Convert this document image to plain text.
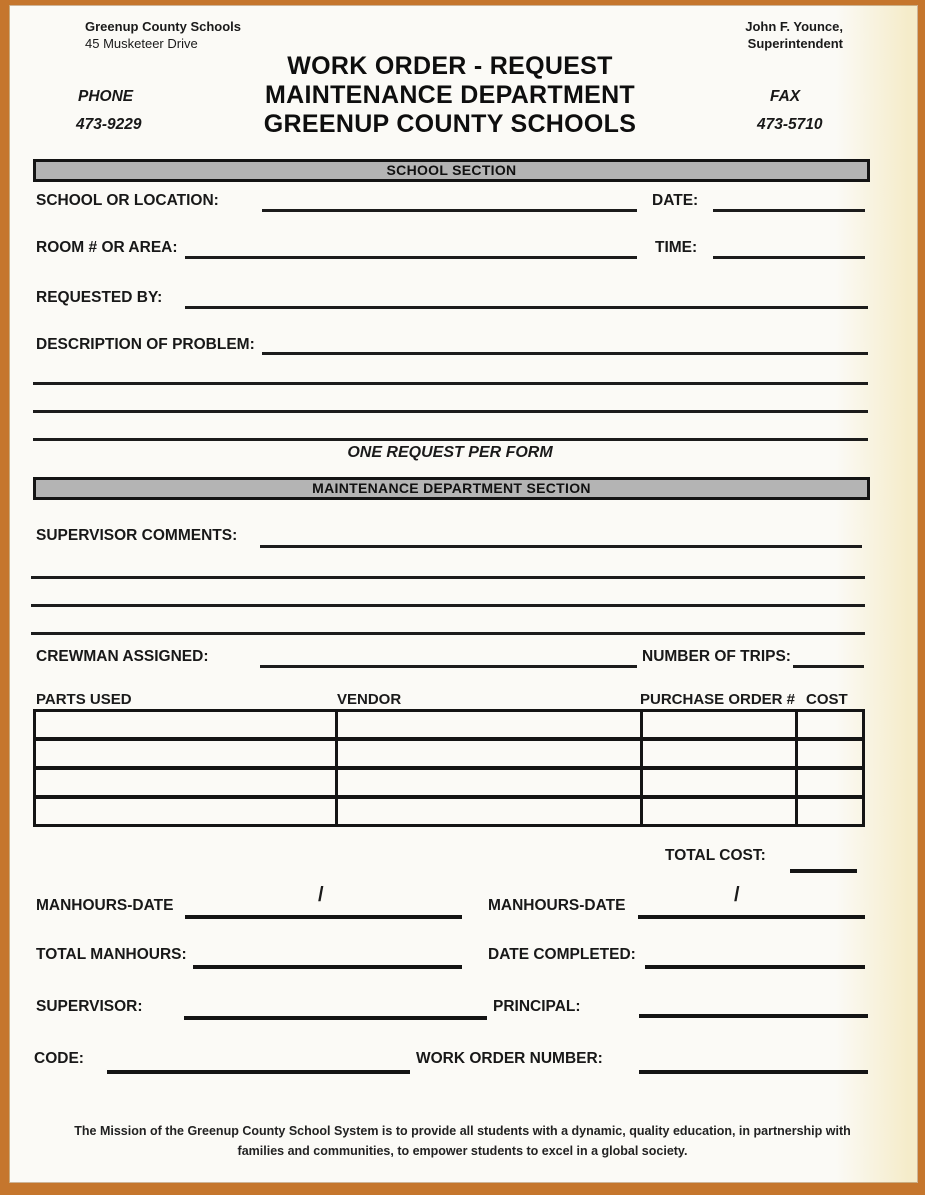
Greenup County Schools
45 Musketeer Drive
John F. Younce,
Superintendent
WORK ORDER - REQUEST
MAINTENANCE DEPARTMENT
GREENUP COUNTY SCHOOLS
PHONE
473-9229
FAX
473-5710
SCHOOL SECTION
SCHOOL OR LOCATION:	DATE:
ROOM # OR AREA:	TIME:
REQUESTED BY:
DESCRIPTION OF PROBLEM:
ONE REQUEST PER FORM
MAINTENANCE DEPARTMENT SECTION
SUPERVISOR COMMENTS:
CREWMAN ASSIGNED:	NUMBER OF TRIPS:
PARTS USED	VENDOR	PURCHASE ORDER # COST
TOTAL COST:
MANHOURS-DATE	/	MANHOURS-DATE	/
TOTAL MANHOURS:	DATE COMPLETED:
SUPERVISOR:	PRINCIPAL:
CODE:	WORK ORDER NUMBER:
The Mission of the Greenup County School System is to provide all students with a dynamic, quality education, in partnership with
families and communities, to empower students to excel in a global society.
